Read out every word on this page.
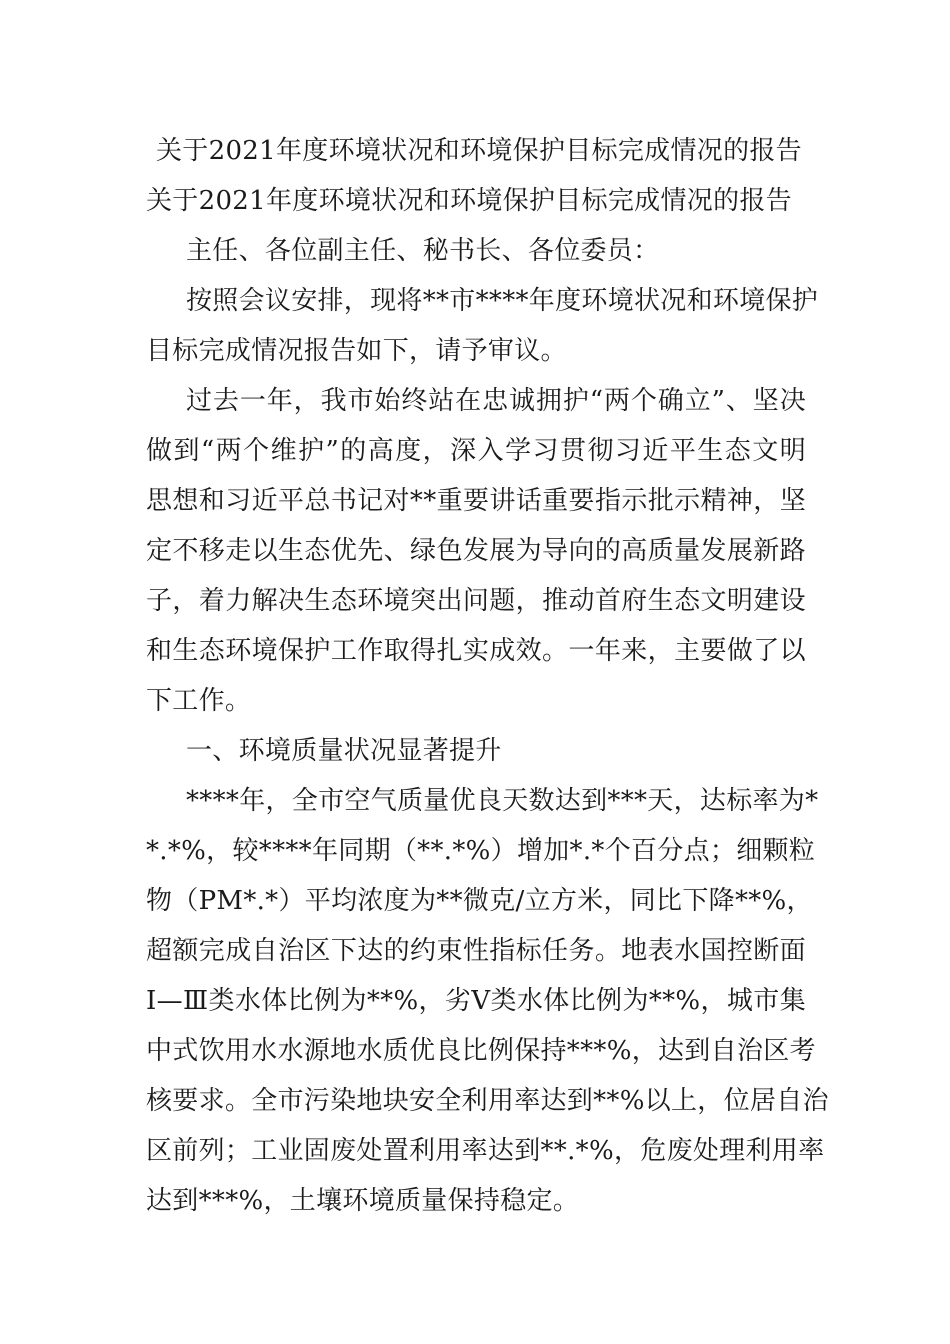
关于2021年度环境状况和环境保护目标完成情况的报告
关于2021年度环境状况和环境保护目标完成情况的报告
主任、各位副主任、秘书长、各位委员：
按照会议安排，现将**市****年度环境状况和环境保护
目标完成情况报告如下，请予审议。
过去一年，我市始终站在忠诚拥护“两个确立”、坚决
做到“两个维护”的高度，深入学习贯彻习近平生态文明
思想和习近平总书记对**重要讲话重要指示批示精神，坚
定不移走以生态优先、绿色发展为导向的高质量发展新路
子，着力解决生态环境突出问题，推动首府生态文明建设
和生态环境保护工作取得扎实成效。一年来，主要做了以
下工作。
一、环境质量状况显著提升
****年，全市空气质量优良天数达到***天，达标率为*
*.*%，较****年同期（**.*%）增加*.*个百分点；细颗粒
物（PM*.*）平均浓度为**微克/立方米，同比下降**%，
超额完成自治区下达的约束性指标任务。地表水国控断面
Ⅰ—Ⅲ类水体比例为**%，劣Ⅴ类水体比例为**%，城市集
中式饮用水水源地水质优良比例保持***%，达到自治区考
核要求。全市污染地块安全利用率达到**%以上，位居自治
区前列；工业固废处置利用率达到**.*%，危废处理利用率
达到***%，土壤环境质量保持稳定。
